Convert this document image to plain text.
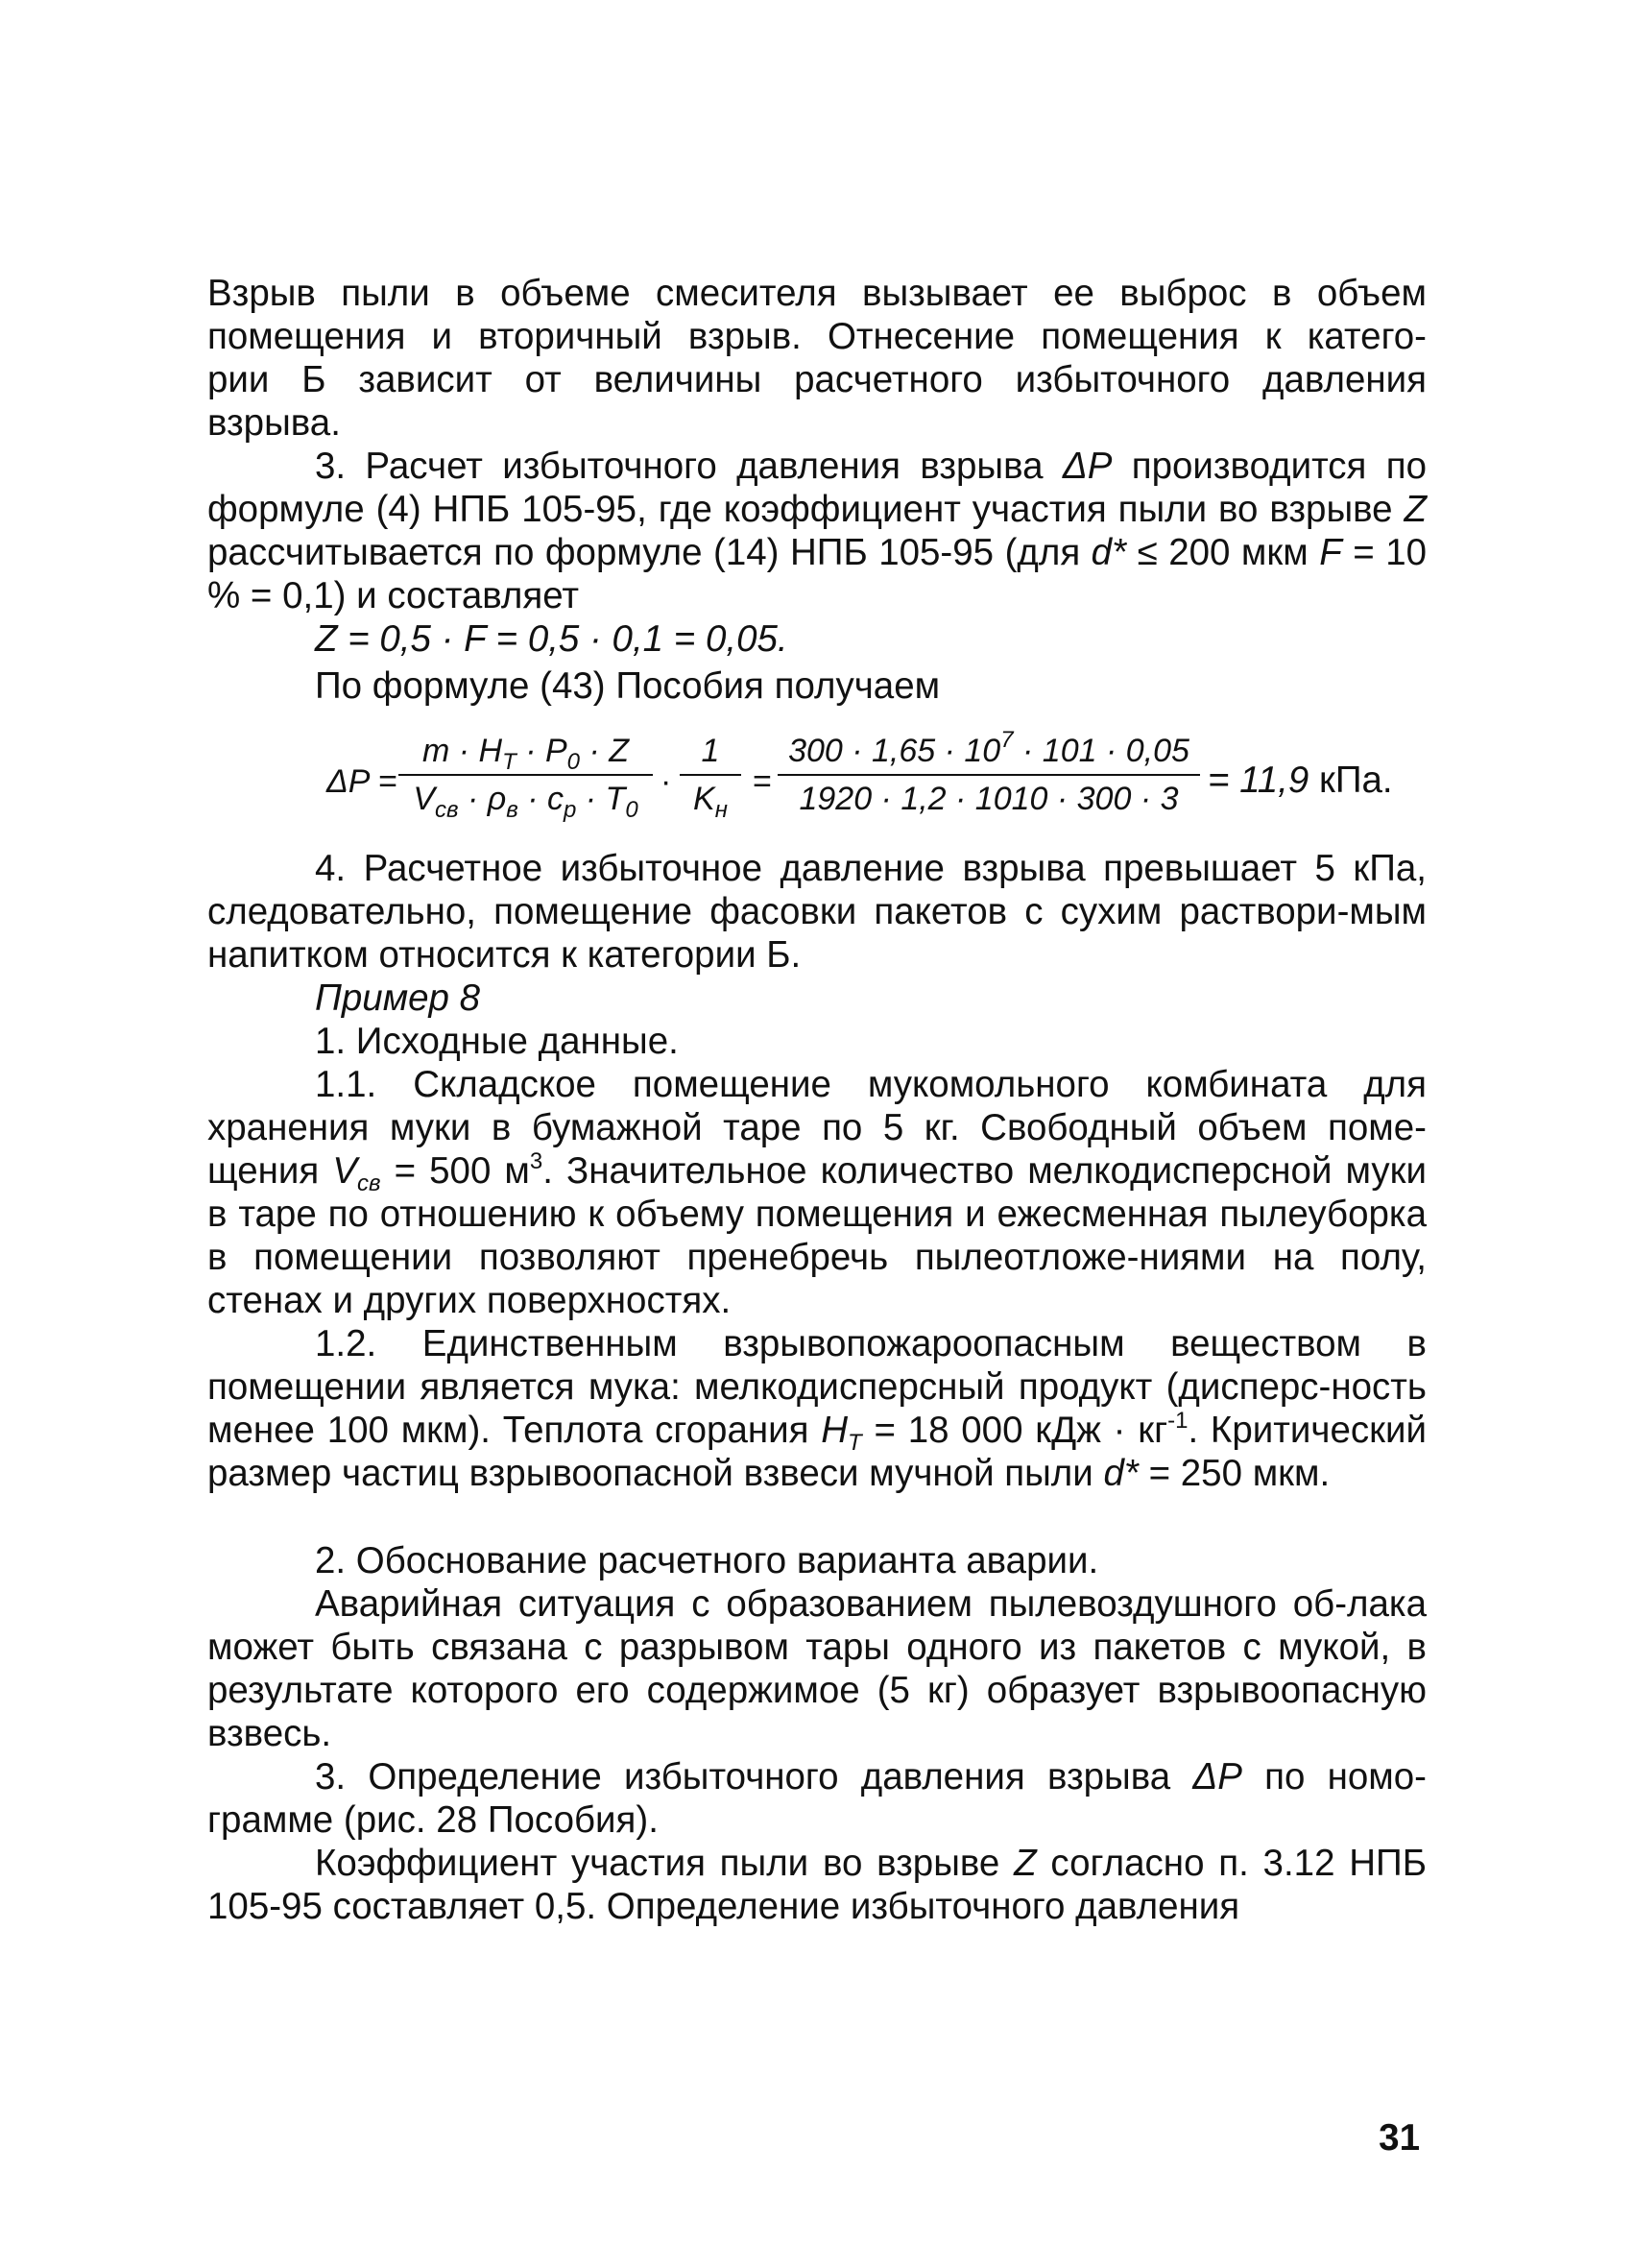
Взрыв пыли в объеме смесителя вызывает ее выброс в объем
помещения и вторичный взрыв. Отнесение помещения к катего-
рии Б зависит от величины расчетного избыточного давления
взрыва.

3. Расчет избыточного давления взрыва ΔP производится по формуле (4) НПБ 105-95, где коэффициент участия пыли во взрыве Z рассчитывается по формуле (14) НПБ 105-95 (для d* ≤ 200 мкм F = 10 % = 0,1) и составляет

Z = 0,5 · F = 0,5 · 0,1 = 0,05.
По формуле (43) Пособия получаем
ΔP =
$m \cdot H_T \cdot P_0 \cdot Z$
$V_{св} \cdot \rho_в \cdot c_p \cdot T_0$
·
1
$K_н$
= $\frac{300 \cdot 1,65 \cdot 10^7 \cdot 101 \cdot 0,05}{1920 \cdot 1,2 \cdot 1010 \cdot 300 \cdot 3} = 11,9$ кПа.

4. Расчетное избыточное давление взрыва превышает 5 кПа, следовательно, помещение фасовки пакетов с сухим раствори-мым напитком относится к категории Б.

Пример 8
1. Исходные данные.

1.1. Складское помещение мукомольного комбината для хранения муки в бумажной таре по 5 кг. Свободный объем поме-щения $V_{св} = 500$ $м^3$. Значительное количество мелкодисперсной муки в таре по отношению к объему помещения и ежесменная пылеуборка в помещении позволяют пренебречь пылеотложе-ниями на полу, стенах и других поверхностях.

1.2. Единственным взрывопожароопасным веществом в помещении является мука: мелкодисперсный продукт (дисперс-ность менее 100 мкм). Теплота сгорания $H_T = 18$ 000 кДж · $кг^{-1}$. Критический размер частиц взрывоопасной взвеси мучной пыли d* = 250 мкм.

2. Обоснование расчетного варианта аварии.

Аварийная ситуация с образованием пылевоздушного об-лака может быть связана с разрывом тары одного из пакетов с мукой, в результате которого его содержимое (5 кг) образует взрывоопасную взвесь.

3. Определение избыточного давления взрыва ΔP по номо-грамме (рис. 28 Пособия).

Коэффициент участия пыли во взрыве Z согласно п. 3.12 НПБ 105-95 составляет 0,5. Определение избыточного давления

31
